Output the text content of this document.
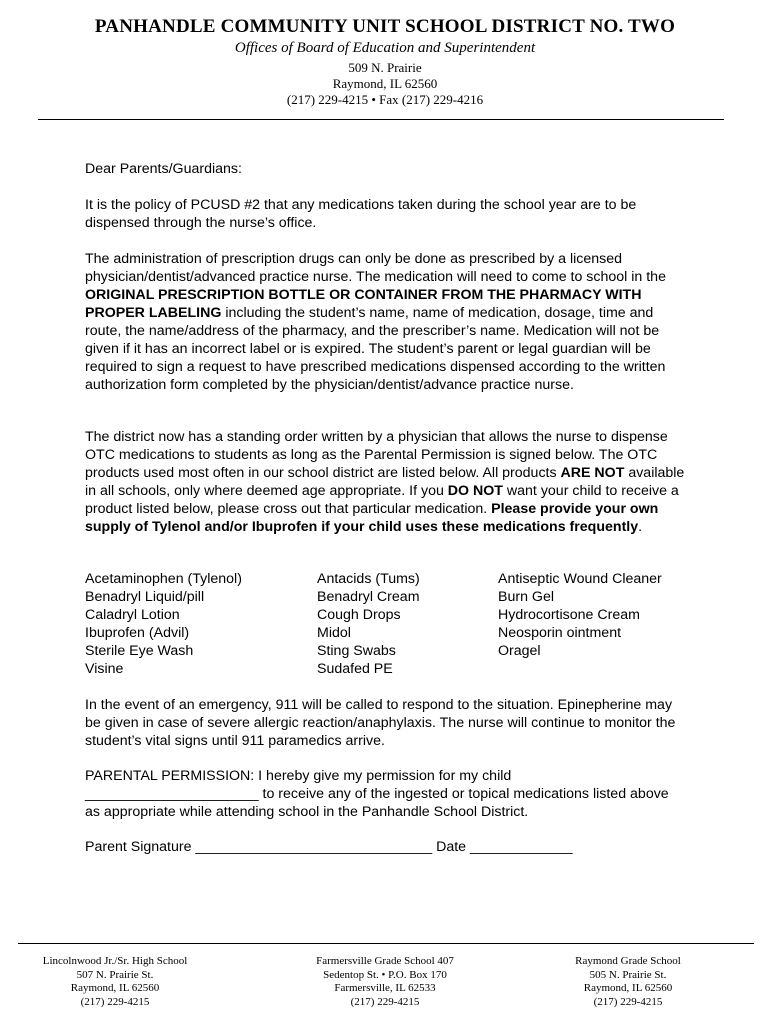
PANHANDLE COMMUNITY UNIT SCHOOL DISTRICT NO. TWO
Offices of Board of Education and Superintendent
509 N. Prairie
Raymond, IL 62560
(217) 229-4215 • Fax (217) 229-4216
Dear Parents/Guardians:
It is the policy of PCUSD #2 that any medications taken during the school year are to be dispensed through the nurse’s office.
The administration of prescription drugs can only be done as prescribed by a licensed physician/dentist/advanced practice nurse. The medication will need to come to school in the ORIGINAL PRESCRIPTION BOTTLE OR CONTAINER FROM THE PHARMACY WITH PROPER LABELING including the student’s name, name of medication, dosage, time and route, the name/address of the pharmacy, and the prescriber’s name. Medication will not be given if it has an incorrect label or is expired. The student’s parent or legal guardian will be required to sign a request to have prescribed medications dispensed according to the written authorization form completed by the physician/dentist/advance practice nurse.
The district now has a standing order written by a physician that allows the nurse to dispense OTC medications to students as long as the Parental Permission is signed below. The OTC products used most often in our school district are listed below. All products ARE NOT available in all schools, only where deemed age appropriate. If you DO NOT want your child to receive a product listed below, please cross out that particular medication. Please provide your own supply of Tylenol and/or Ibuprofen if your child uses these medications frequently.
Acetaminophen (Tylenol)
Benadryl Liquid/pill
Caladryl Lotion
Ibuprofen (Advil)
Sterile Eye Wash
Visine
Antacids (Tums)
Benadryl Cream
Cough Drops
Midol
Sting Swabs
Sudafed PE
Antiseptic Wound Cleaner
Burn Gel
Hydrocortisone Cream
Neosporin ointment
Oragel
In the event of an emergency, 911 will be called to respond to the situation. Epinepherine may be given in case of severe allergic reaction/anaphylaxis. The nurse will continue to monitor the student’s vital signs until 911 paramedics arrive.
PARENTAL PERMISSION: I hereby give my permission for my child ______________________ to receive any of the ingested or topical medications listed above as appropriate while attending school in the Panhandle School District.
Parent Signature ______________________________ Date _____________
Lincolnwood Jr./Sr. High School
507 N. Prairie St.
Raymond, IL 62560
(217) 229-4215
Farmersville Grade School 407
Sedentop St. • P.O. Box 170
Farmersville, IL 62533
(217) 229-4215
Raymond Grade School
505 N. Prairie St.
Raymond, IL 62560
(217) 229-4215
